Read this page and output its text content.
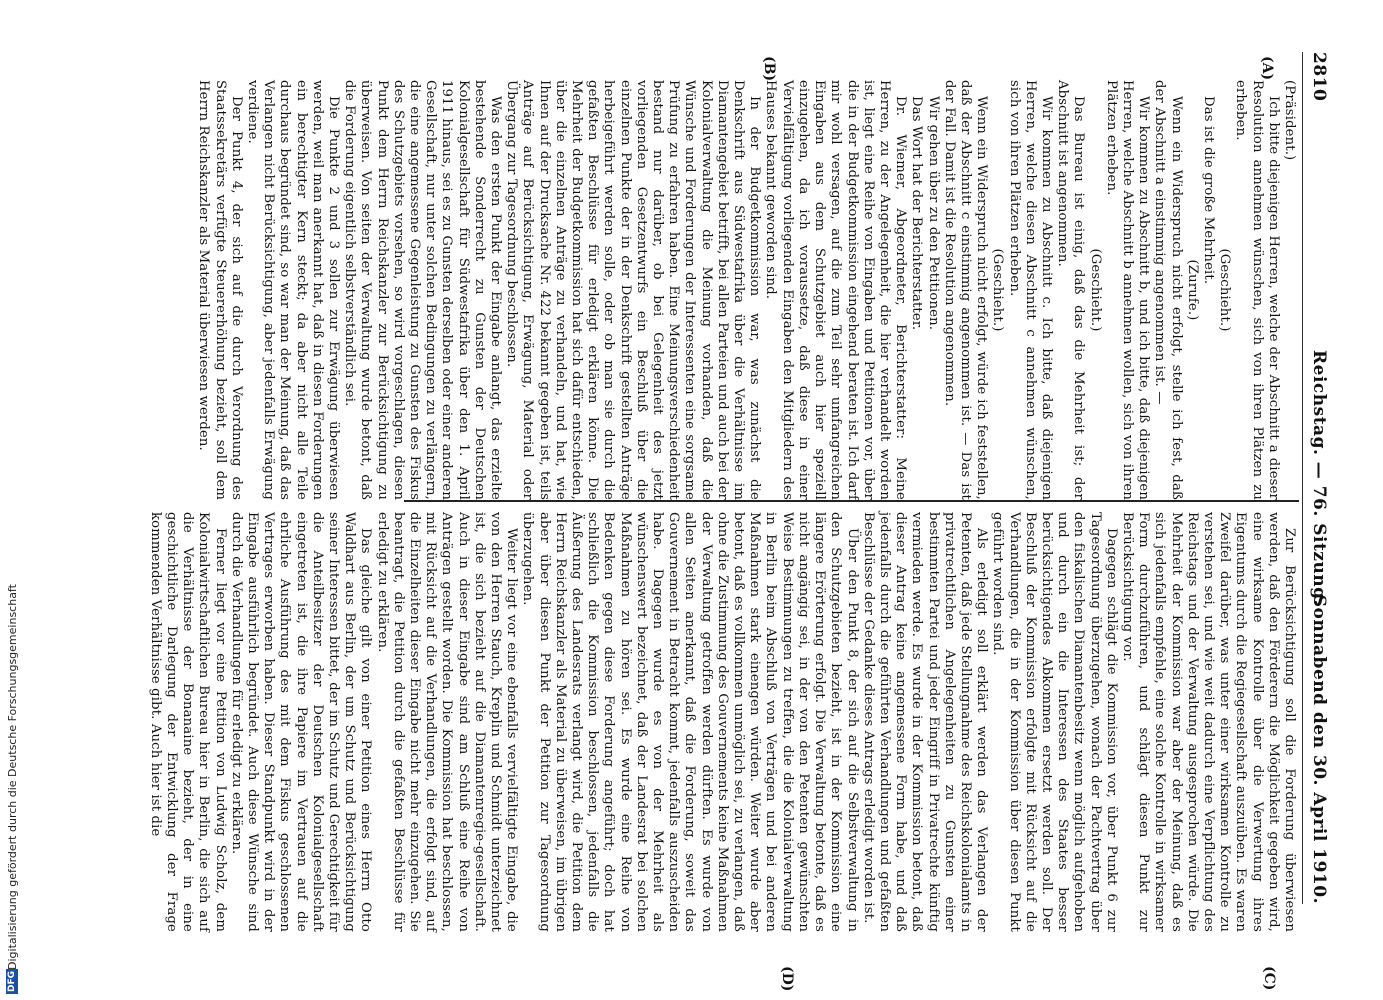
2810
Reichstag. — 76. Sitzung.
Sonnabend den 30. April 1910.
(A)
(B)
(C)
(D)

(Präsident.)

Ich bitte diejenigen Herren, welche der Abschnitt a dieser Resolution annehmen wünschen, sich von ihren Plätzen zu erheben.

(Geschieht.)

Das ist die große Mehrheit.

(Zurufe.)

Wenn ein Widerspruch nicht erfolgt, stelle ich fest, daß der Abschnitt a einstimmig angenommen ist. —

Wir kommen zu Abschnitt b, und ich bitte, daß diejenigen Herren, welche Abschnitt b annehmen wollen, sich von ihren Plätzen erheben.

(Geschieht.)

Das Bureau ist einig, daß das die Mehrheit ist; der Abschnitt ist angenommen.

Wir kommen zu Abschnitt c. Ich bitte, daß diejenigen Herren, welche diesen Abschnitt c annehmen wünschen, sich von ihren Plätzen erheben.

(Geschieht.)

Wenn ein Widerspruch nicht erfolgt, würde ich feststellen, daß der Abschnitt c einstimmig angenommen ist. — Das ist der Fall. Damit ist die Resolution angenommen.

Wir gehen über zu den Petitionen.

Das Wort hat der Berichterstatter.

Dr. Wiemer, Abgeordneter, Berichterstatter: Meine Herren, zu der Angelegenheit, die hier verhandelt worden ist, liegt eine Reihe von Eingaben und Petitionen vor, über die in der Budgetkommission eingehend beraten ist. Ich darf mir wohl versagen, auf die zum Teil sehr umfangreichen Eingaben aus dem Schutzgebiet auch hier speziell einzugehen, da ich voraussetze, daß diese in einer Vervielfältigung vorliegenden Eingaben den Mitgliedern des Hauses bekannt geworden sind.

In der Budgetkommission war, was zunächst die Denkschrift aus Südwestafrika über die Verhältnisse im Diamantengebiet betrifft, bei allen Parteien und auch bei der Kolonialverwaltung die Meinung vorhanden, daß die Wünsche und Forderungen der Interessenten eine sorgsame Prüfung zu erfahren haben. Eine Meinungsverschiedenheit bestand nur darüber, ob bei Gelegenheit des jetzt vorliegenden Gesetzentwurfs ein Beschluß über die einzelnen Punkte der in der Denkschrift gestellten Anträge herbeigeführt werden solle, oder ob man sie durch die gefaßten Beschlüsse für erledigt erklären könne. Die Mehrheit der Budgetkommission hat sich dafür entschieden, über die einzelnen Anträge zu verhandeln, und hat, wie Ihnen auf der Drucksache Nr. 422 bekannt gegeben ist, teils Anträge auf Berücksichtigung, Erwägung, Material oder Übergang zur Tagesordnung beschlossen.

Was den ersten Punkt der Eingabe anlangt, das erzielte bestehende Sonderrecht zu Gunsten der Deutschen Kolonialgesellschaft für Südwestafrika über den 1. April 1911 hinaus, sei es zu Gunsten derselben oder einer anderen Gesellschaft, nur unter solchen Bedingungen zu verlängern, die eine angemessene Gegenleistung zu Gunsten des Fiskus des Schutzgebiets vorsehen, so wird vorgeschlagen, diesen Punkt dem Herrn Reichskanzler zur Berücksichtigung zu überweisen. Von seiten der Verwaltung wurde betont, daß die Forderung eigentlich selbstverständlich sei.

Die Punkte 2 und 3 sollen zur Erwägung überwiesen werden, weil man anerkannt hat, daß in diesen Forderungen ein berechtigter Kern steckt; da aber nicht alle Teile durchaus begründet sind, so war man der Meinung, daß das Verlangen nicht Berücksichtigung, aber jedenfalls Erwägung verdiene.

Der Punkt 4, der sich auf die durch Verordnung des Staatssekretärs verfügte Steuererhöhung bezieht, soll dem Herrn Reichskanzler als Material überwiesen werden.

Zur Berücksichtigung soll die Forderung überwiesen werden, daß den Förderern die Möglichkeit gegeben wird, eine wirksame Kontrolle über die Verwertung ihres Eigentums durch die Regiegesellschaft auszuüben. Es waren Zweifel darüber, was unter einer wirksamen Kontrolle zu verstehen sei, und wie weit dadurch eine Verpflichtung des Reichstags und der Verwaltung ausgesprochen würde. Die Mehrheit der Kommission war aber der Meinung, daß es sich jedenfalls empfehle, eine solche Kontrolle in wirksamer Form durchzuführen, und schlägt diesen Punkt zur Berücksichtigung vor.

Dagegen schlägt die Kommission vor, über Punkt 6 zur Tagesordnung überzugehen, wonach der Pachtvertrag über den fiskalischen Diamantenbesitz wenn möglich aufgehoben und durch ein die Interessen des Staates besser berücksichtigendes Abkommen ersetzt werden soll. Der Beschluß der Kommission erfolgte mit Rücksicht auf die Verhandlungen, die in der Kommission über diesen Punkt geführt worden sind.

Als erledigt soll erklärt werden das Verlangen der Petenten, daß jede Stellungnahme des Reichskolonialamts in privatrechtlichen Angelegenheiten zu Gunsten einer bestimmten Partei und jeder Eingriff in Privatrechte künftig vermieden werde. Es wurde in der Kommission betont, daß dieser Antrag keine angemessene Form habe, und daß jedenfalls durch die geführten Verhandlungen und gefaßten Beschlüsse der Gedanke dieses Antrags erledigt worden ist.

Über den Punkt 8, der sich auf die Selbstverwaltung in den Schutzgebieten bezieht, ist in der Kommission eine längere Erörterung erfolgt. Die Verwaltung betonte, daß es nicht angängig sei, in der von den Petenten gewünschten Weise Bestimmungen zu treffen, die die Kolonialverwaltung in Berlin beim Abschluß von Verträgen und bei anderen Maßnahmen stark einengen würden. Weiter wurde aber betont, daß es vollkommen unmöglich sei, zu verlangen, daß ohne die Zustimmung des Gouvernements keine Maßnahmen der Verwaltung getroffen werden dürften. Es wurde von allen Seiten anerkannt, daß die Forderung, soweit das Gouvernement in Betracht kommt, jedenfalls auszuscheiden habe. Dagegen wurde es von der Mehrheit als wünschenswert bezeichnet, daß der Landesrat bei solchen Maßnahmen zu hören sei. Es wurde eine Reihe von Bedenken gegen diese Forderung angeführt; doch hat schließlich die Kommission beschlossen, jedenfalls die Äußerung des Landesrats verlangt wird, die Petition dem Herrn Reichskanzler als Material zu überweisen, im übrigen aber über diesen Punkt der Petition zur Tagesordnung überzugehen.

Weiter liegt vor eine ebenfalls vervielfältigte Eingabe, die von den Herren Stauch, Kreplin und Schmidt unterzeichnet ist, die sich bezieht auf die Diamantenregie-gesellschaft. Auch in dieser Eingabe sind am Schluß eine Reihe von Anträgen gestellt worden. Die Kommission hat beschlossen, mit Rücksicht auf die Verhandlungen, die erfolgt sind, auf die Einzelheiten dieser Eingabe nicht mehr einzugehen. Sie beantragt, die Petition durch die gefaßten Beschlüsse für erledigt zu erklären.

Das gleiche gilt von einer Petition eines Herrn Otto Waldhart aus Berlin, der um Schutz und Berücksichtigung seiner Interessen bittet, der im Schutz und Gerechtigkeit für die Anteilbesitzer der Deutschen Kolonialgesellschaft eingetreten ist, die ihre Papiere im Vertrauen auf die ehrliche Ausführung des mit dem Fiskus geschlossenen Vertrages erworben haben. Dieser Standpunkt wird in der Eingabe ausführlich begründet. Auch diese Wünsche sind durch die Verhandlungen für erledigt zu erklären.

Ferner liegt vor eine Petition von Ludwig Scholz, dem Kolonialwirtschaftlichen Bureau hier in Berlin, die sich auf die Verhältnisse der Bonanaine bezieht, der in eine geschichtliche Darlegung der Entwicklung der Frage kommenden Verhältnisse gibt. Auch hier ist die

DFG
Digitalisierung gefördert durch die Deutsche Forschungsgemeinschaft
